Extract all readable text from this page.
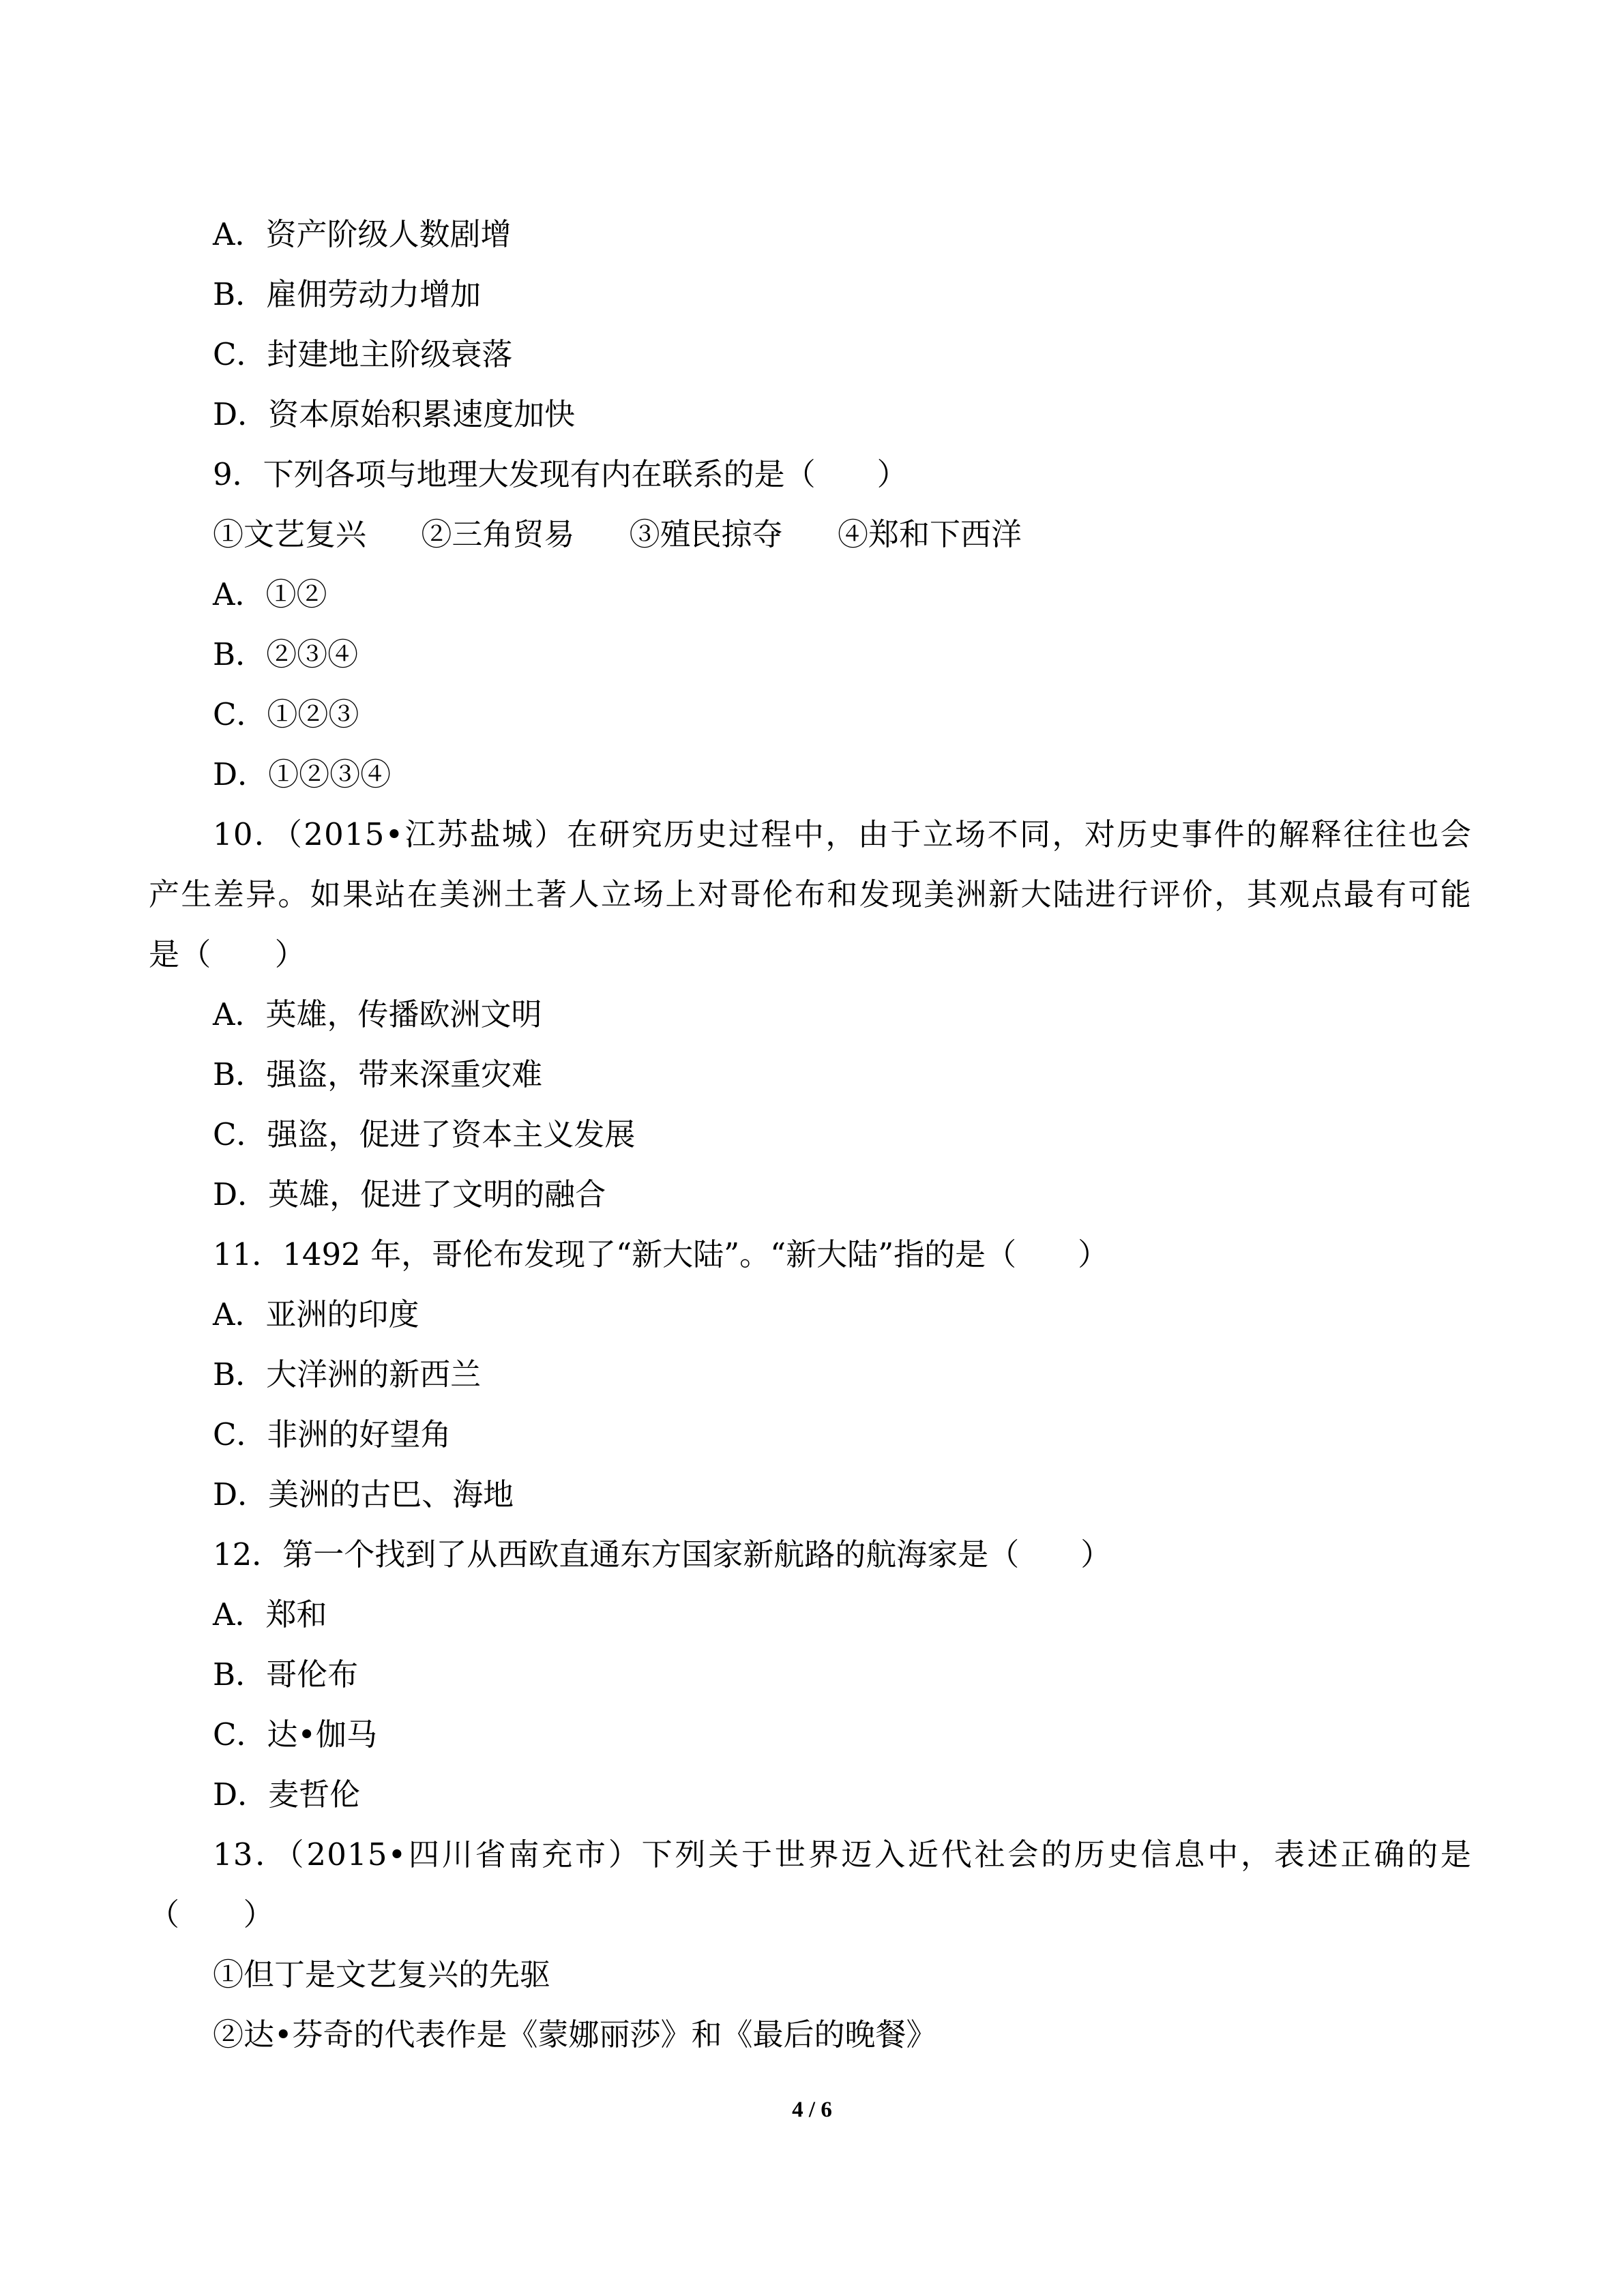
A．资产阶级人数剧增
B．雇佣劳动力增加
C．封建地主阶级衰落
D．资本原始积累速度加快
9．下列各项与地理大发现有内在联系的是（　　）
①文艺复兴 ②三角贸易 ③殖民掠夺 ④郑和下西洋
A．①②
B．②③④
C．①②③
D．①②③④
10．（2015•江苏盐城）在研究历史过程中，由于立场不同，对历史事件的解释往往也会产生差异。如果站在美洲土著人立场上对哥伦布和发现美洲新大陆进行评价，其观点最有可能是（　　）
A．英雄，传播欧洲文明
B．强盗，带来深重灾难
C．强盗，促进了资本主义发展
D．英雄，促进了文明的融合
11．1492 年，哥伦布发现了“新大陆”。“新大陆”指的是（　　）
A．亚洲的印度
B．大洋洲的新西兰
C．非洲的好望角
D．美洲的古巴、海地
12．第一个找到了从西欧直通东方国家新航路的航海家是（　　）
A．郑和
B．哥伦布
C．达•伽马
D．麦哲伦
13．（2015•四川省南充市）下列关于世界迈入近代社会的历史信息中，表述正确的是（　　）
①但丁是文艺复兴的先驱
②达•芬奇的代表作是《蒙娜丽莎》和《最后的晚餐》
4 / 6
